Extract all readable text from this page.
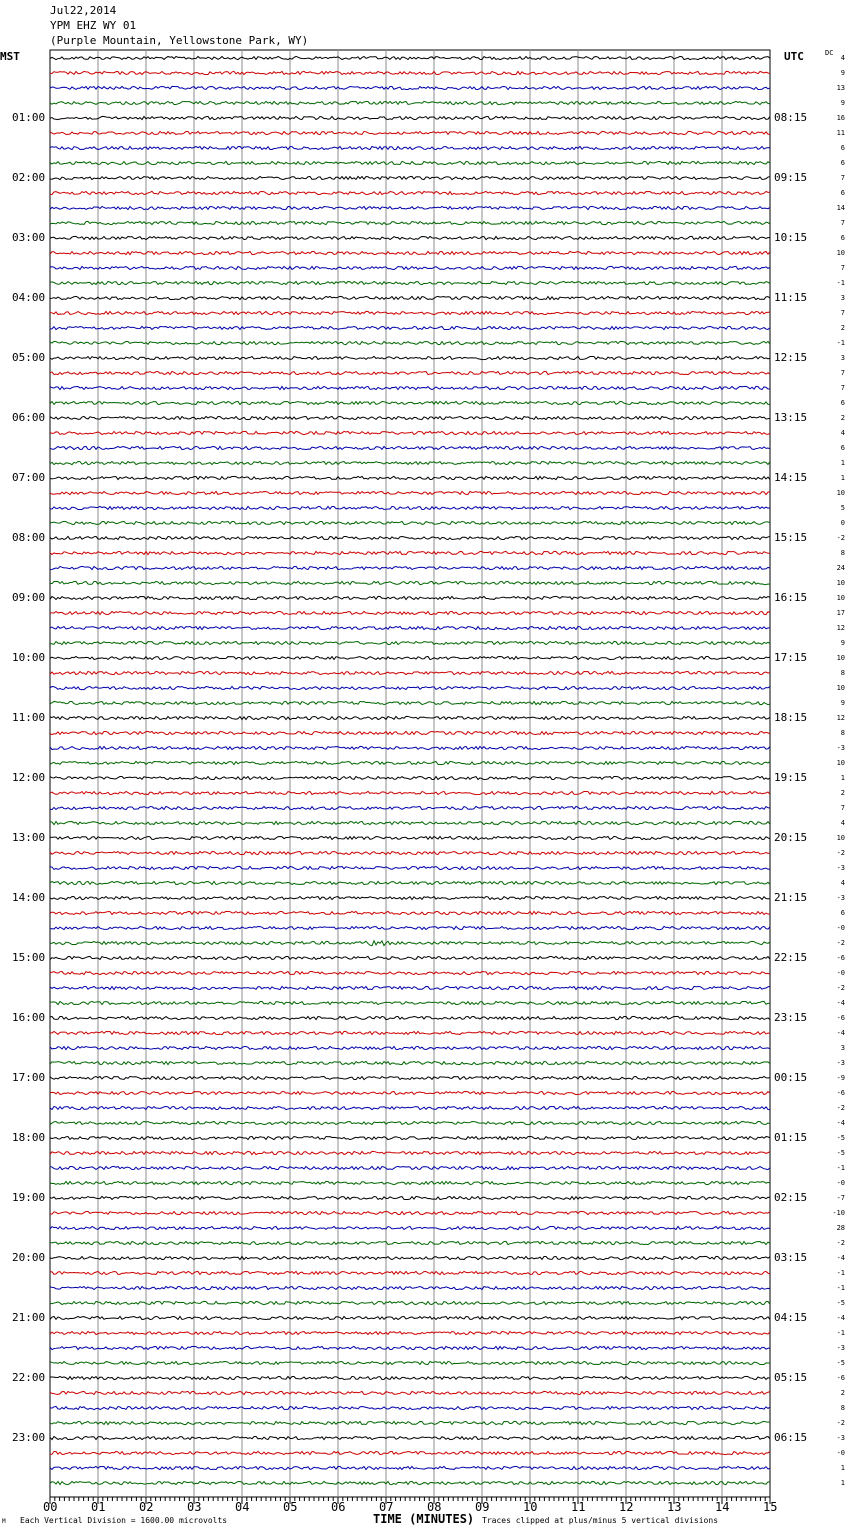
Jul22,2014
YPM EHZ WY 01
(Purple Mountain, Yellowstone Park, WY)
MST	UTC	DC
01:00
02:00
03:00
04:00
05:00
06:00
07:00
08:00
09:00
10:00
11:00
12:00
13:00
14:00
15:00
16:00
17:00
18:00
19:00
20:00
21:00
22:00
23:00
08:15
09:15
10:15
11:15
12:15
13:15
14:15
15:15
16:15
17:15
18:15
19:15
20:15
21:15
22:15
23:15
00:15
01:15
02:15
03:15
04:15
05:15
06:15
4
9
13
9
16
11
6
6
7
6
14
7
6
10
7
-1
3
7
2
-1
3
7
7
6
2
4
6
1
1
10
5
0
-2
8
24
10
10
17
12
9
10
8
10
9
12
8
-3
10
1
2
7
4
10
-2
-3
4
-3
6
-0
-2
-6
-0
-2
-4
-6
-4
3
-3
-9
-6
-2
-4
-5
-5
-1
-0
-7
-10
28
-2
-4
-1
-1
-5
-4
-1
-3
-5
-6
2
8
-2
-3
-0
1
1
00	01	02	03	04	05	06	07	08	09	10	11	12	13	14	15
TIME (MINUTES)
Each Vertical Division = 1600.00 microvolts	Traces clipped at plus/minus 5 vertical divisions
M
